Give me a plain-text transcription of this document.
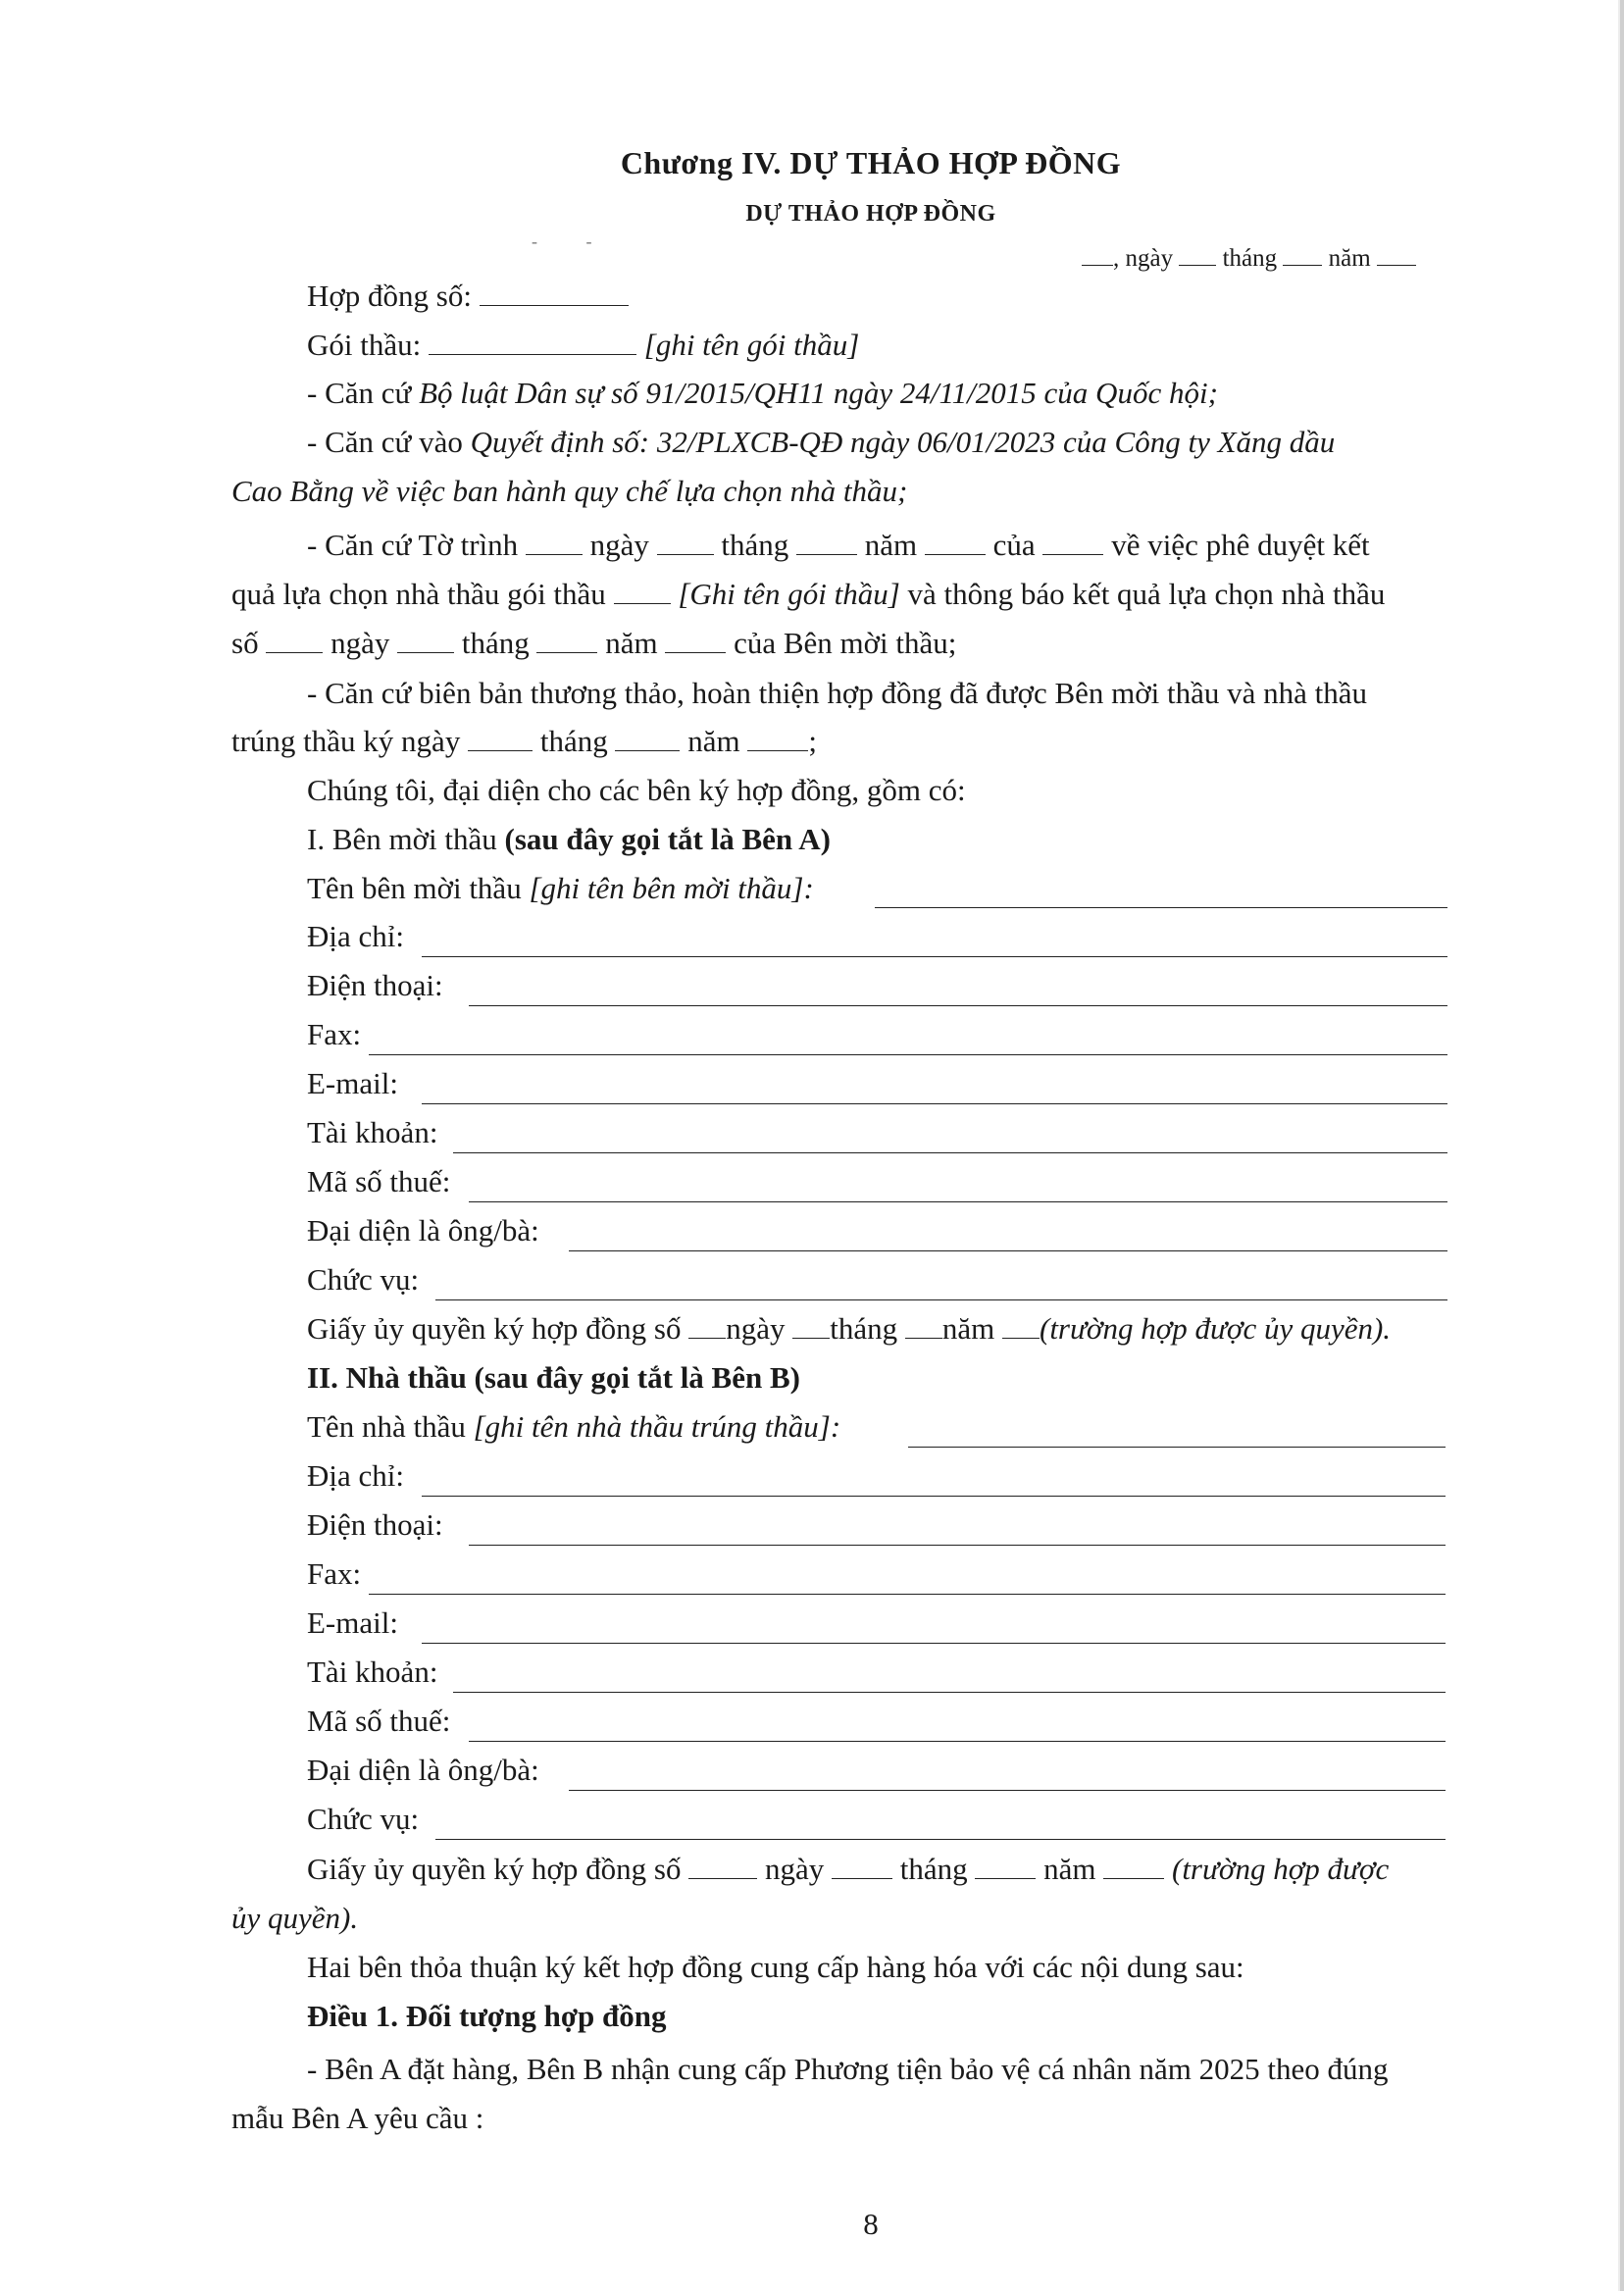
Chương IV. DỰ THẢO HỢP ĐỒNG
DỰ THẢO HỢP ĐỒNG
-           -
, ngày tháng năm
Hợp đồng số:
Gói thầu:	[ghi tên gói thầu]
- Căn cứ Bộ luật Dân sự số 91/2015/QH11 ngày 24/11/2015 của Quốc hội;
- Căn cứ vào Quyết định số: 32/PLXCB-QĐ ngày 06/01/2023 của Công ty Xăng dầu
Cao Bằng về việc ban hành quy chế lựa chọn nhà thầu;
- Căn cứ Tờ trình ngày tháng	năm	của	về việc phê duyệt kết
quả lựa chọn nhà thầu gói thầu [Ghi tên gói thầu] và thông báo kết quả lựa chọn nhà thầu
số ngày tháng	năm	của Bên mời thầu;
- Căn cứ biên bản thương thảo, hoàn thiện hợp đồng đã được Bên mời thầu và nhà thầu
trúng thầu ký ngày	tháng	năm ;
Chúng tôi, đại diện cho các bên ký hợp đồng, gồm có:
I. Bên mời thầu (sau đây gọi tắt là Bên A)
Tên bên mời thầu [ghi tên bên mời thầu]:
Địa chỉ:
Điện thoại:
Fax:
E-mail:
Tài khoản:
Mã số thuế:
Đại diện là ông/bà:
Chức vụ:
Giấy ủy quyền ký hợp đồng số ngày tháng năm (trường hợp được ủy quyền).
II. Nhà thầu (sau đây gọi tắt là Bên B)
Tên nhà thầu [ghi tên nhà thầu trúng thầu]:
Địa chỉ:
Điện thoại:
Fax:
E-mail:
Tài khoản:
Mã số thuế:
Đại diện là ông/bà:
Chức vụ:
Giấy ủy quyền ký hợp đồng số	ngày	tháng	năm	(trường hợp được
ủy quyền).
Hai bên thỏa thuận ký kết hợp đồng cung cấp hàng hóa với các nội dung sau:
Điều 1. Đối tượng hợp đồng
- Bên A đặt hàng, Bên B nhận cung cấp Phương tiện bảo vệ cá nhân năm 2025 theo đúng
mẫu Bên A yêu cầu :
8
